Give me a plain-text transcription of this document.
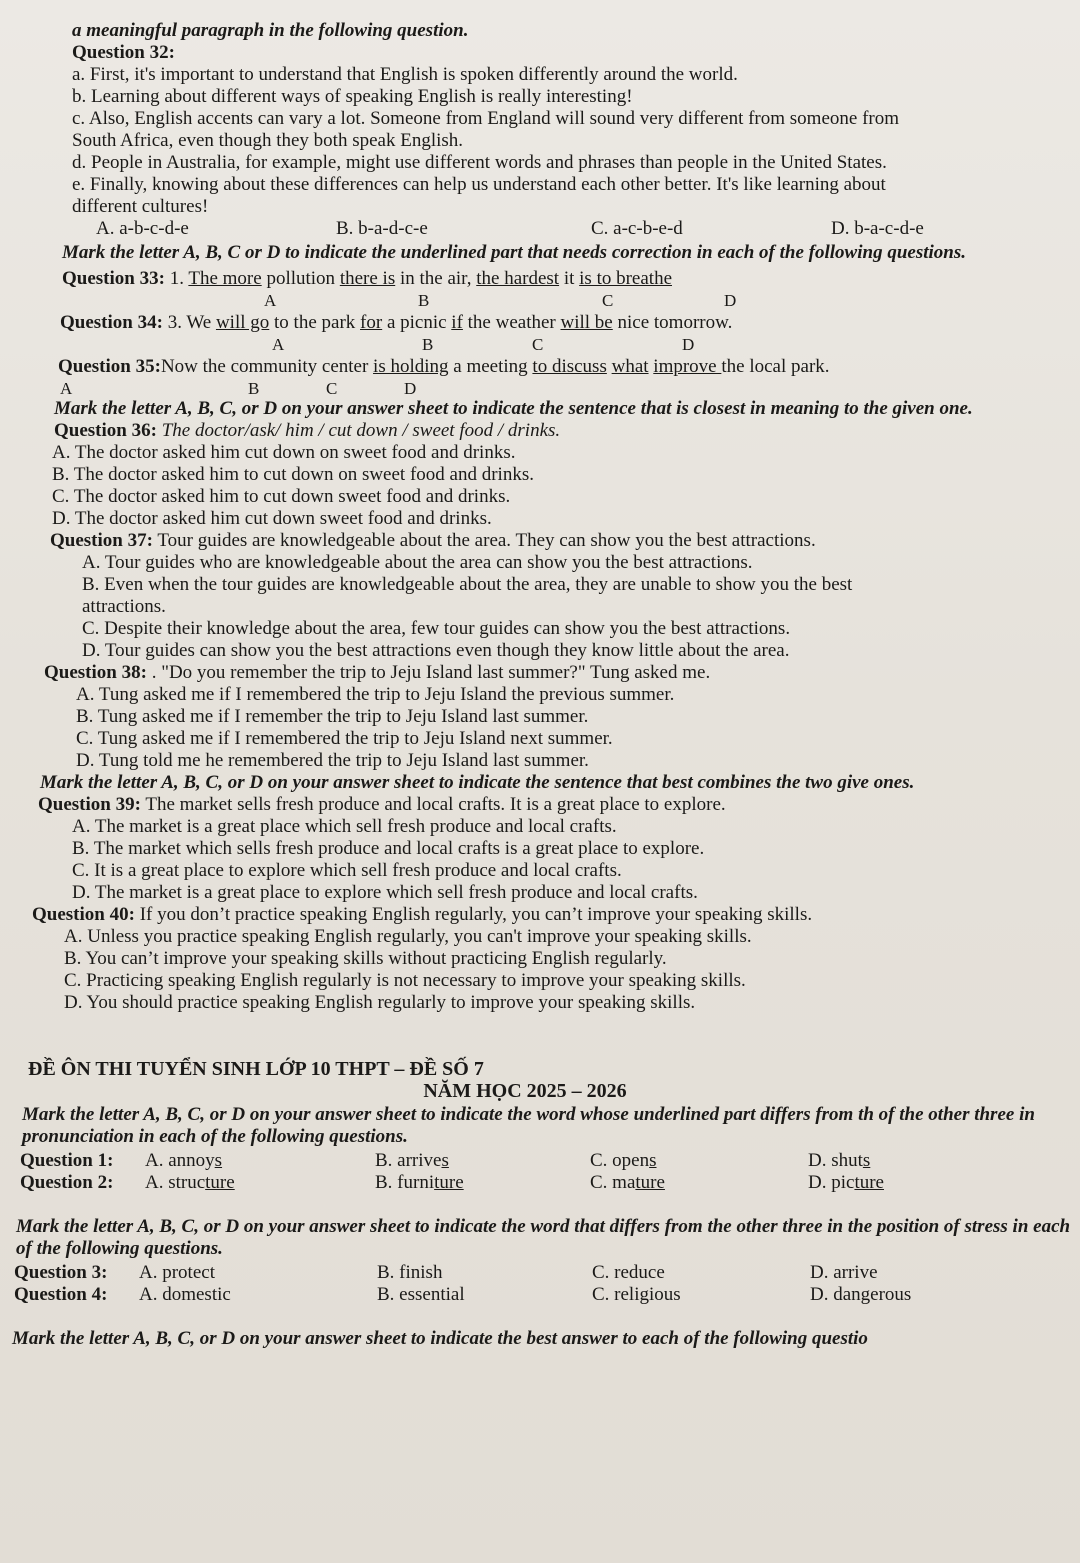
a meaningful paragraph in the following question.
Question 32:
a. First, it's important to understand that English is spoken differently around the world.
b. Learning about different ways of speaking English is really interesting!
c. Also, English accents can vary a lot. Someone from England will sound very different from someone from
South Africa, even though they both speak English.
d. People in Australia, for example, might use different words and phrases than people in the United States.
e. Finally, knowing about these differences can help us understand each other better. It's like learning about
different cultures!
A. a-b-c-d-e	B. b-a-d-c-e	C. a-c-b-e-d	D. b-a-c-d-e
Mark the letter A, B, C or D to indicate the underlined part that needs correction in each of the following questions.
Question 33: 1. The more pollution there is in the air, the hardest it is to breathe
A	B	C	D
Question 34: 3. We will go to the park for a picnic if the weather will be nice tomorrow.
A	B	C	D
Question 35:Now the community center is holding a meeting to discuss what improve the local park.
A	B	C	D
Mark the letter A, B, C, or D on your answer sheet to indicate the sentence that is closest in meaning to the given one.
Question 36: The doctor/ask/ him / cut down / sweet food / drinks.
A. The doctor asked him cut down on sweet food and drinks.
B. The doctor asked him to cut down on sweet food and drinks.
C. The doctor asked him to cut down sweet food and drinks.
D. The doctor asked him cut down sweet food and drinks.
Question 37: Tour guides are knowledgeable about the area. They can show you the best attractions.
A. Tour guides who are knowledgeable about the area can show you the best attractions.
B. Even when the tour guides are knowledgeable about the area, they are unable to show you the best
attractions.
C. Despite their knowledge about the area, few tour guides can show you the best attractions.
D. Tour guides can show you the best attractions even though they know little about the area.
Question 38: . "Do you remember the trip to Jeju Island last summer?" Tung asked me.
A. Tung asked me if I remembered the trip to Jeju Island the previous summer.
B. Tung asked me if I remember the trip to Jeju Island last summer.
C. Tung asked me if I remembered the trip to Jeju Island next summer.
D. Tung told me he remembered the trip to Jeju Island last summer.
Mark the letter A, B, C, or D on your answer sheet to indicate the sentence that best combines the two give ones.
Question 39: The market sells fresh produce and local crafts. It is a great place to explore.
A. The market is a great place which sell fresh produce and local crafts.
B. The market which sells fresh produce and local crafts is a great place to explore.
C. It is a great place to explore which sell fresh produce and local crafts.
D. The market is a great place to explore which sell fresh produce and local crafts.
Question 40: If you don’t practice speaking English regularly, you can’t improve your speaking skills.
A. Unless you practice speaking English regularly, you can't improve your speaking skills.
B. You can’t improve your speaking skills without practicing English regularly.
C. Practicing speaking English regularly is not necessary to improve your speaking skills.
D. You should practice speaking English regularly to improve your speaking skills.
ĐỀ ÔN THI TUYỂN SINH LỚP 10 THPT – ĐỀ SỐ 7
NĂM HỌC 2025 – 2026
Mark the letter A, B, C, or D on your answer sheet to indicate the word whose underlined part differs from th of the other three in pronunciation in each of the following questions.
Question 1:	A. annoys	B. arrives	C. opens	D. shuts
Question 2:	A. structure	B. furniture	C. mature	D. picture
Mark the letter A, B, C, or D on your answer sheet to indicate the word that differs from the other three in the position of stress in each of the following questions.
Question 3:	A. protect	B. finish	C. reduce	D. arrive
Question 4:	A. domestic	B. essential	C. religious	D. dangerous
Mark the letter A, B, C, or D on your answer sheet to indicate the best answer to each of the following questio
